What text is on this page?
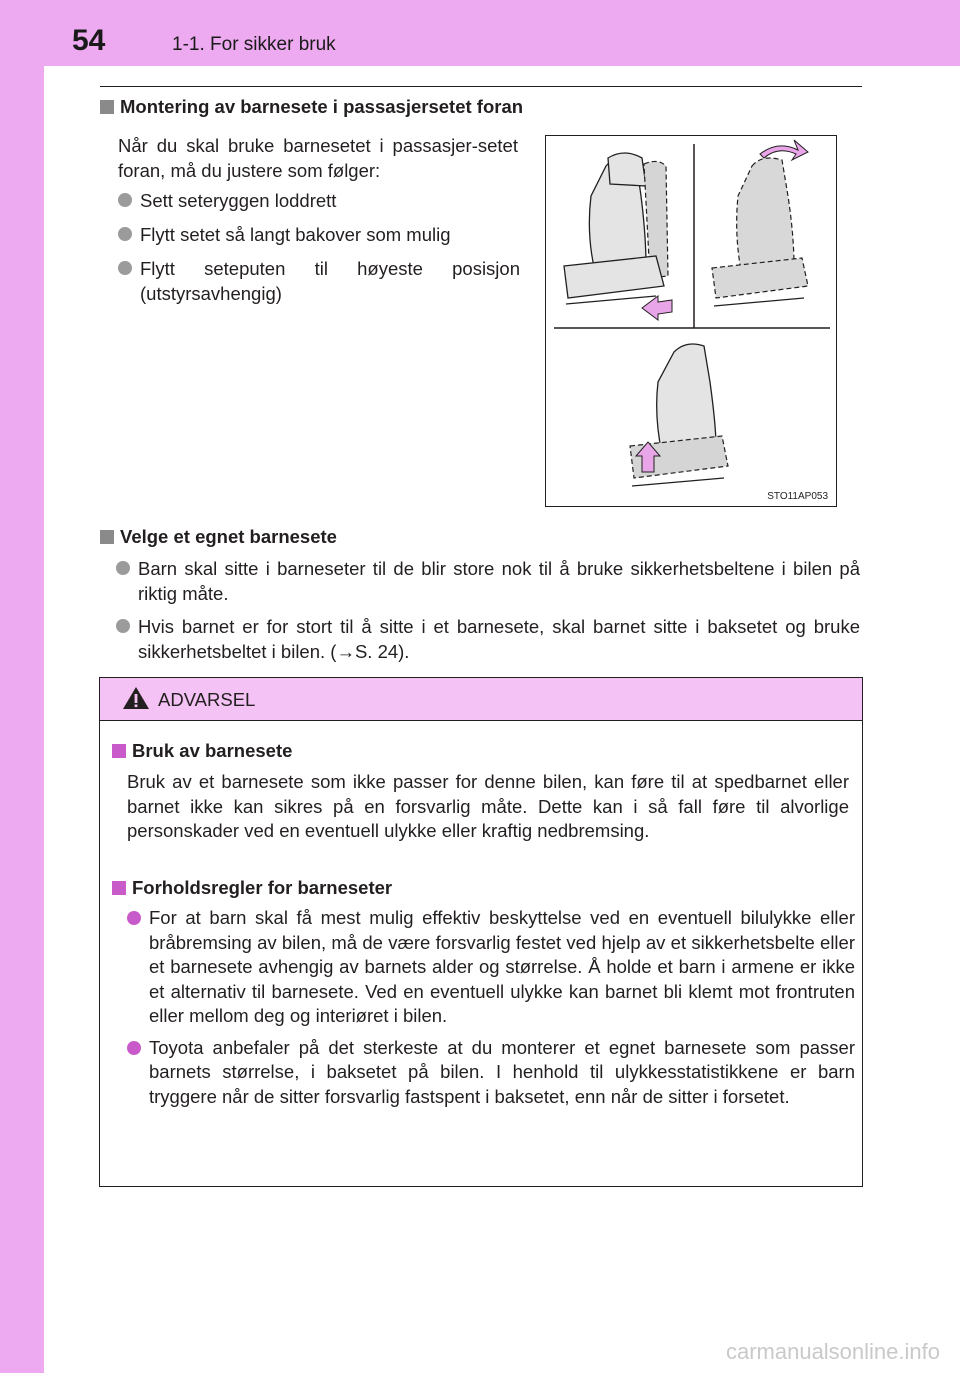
54	1-1. For sikker bruk
Montering av barnesete i passasjersetet foran
Når du skal bruke barnesetet i passasjer-setet foran, må du justere som følger:
Sett seteryggen loddrett
Flytt setet så langt bakover som mulig
Flytt seteputen til høyeste posisjon (utstyrsavhengig)
STO11AP053
Velge et egnet barnesete
Barn skal sitte i barneseter til de blir store nok til å bruke sikkerhetsbeltene i bilen på riktig måte.
Hvis barnet er for stort til å sitte i et barnesete, skal barnet sitte i baksetet og bruke sikkerhetsbeltet i bilen. (→S. 24).
ADVARSEL
Bruk av barnesete
Bruk av et barnesete som ikke passer for denne bilen, kan føre til at spedbarnet eller barnet ikke kan sikres på en forsvarlig måte. Dette kan i så fall føre til alvorlige personskader ved en eventuell ulykke eller kraftig nedbremsing.
Forholdsregler for barneseter
For at barn skal få mest mulig effektiv beskyttelse ved en eventuell bilulykke eller bråbremsing av bilen, må de være forsvarlig festet ved hjelp av et sikkerhetsbelte eller et barnesete avhengig av barnets alder og størrelse. Å holde et barn i armene er ikke et alternativ til barnesete. Ved en eventuell ulykke kan barnet bli klemt mot frontruten eller mellom deg og interiøret i bilen.
Toyota anbefaler på det sterkeste at du monterer et egnet barnesete som passer barnets størrelse, i baksetet på bilen. I henhold til ulykkesstatistikkene er barn tryggere når de sitter forsvarlig fastspent i baksetet, enn når de sitter i forsetet.
carmanualsonline.info
